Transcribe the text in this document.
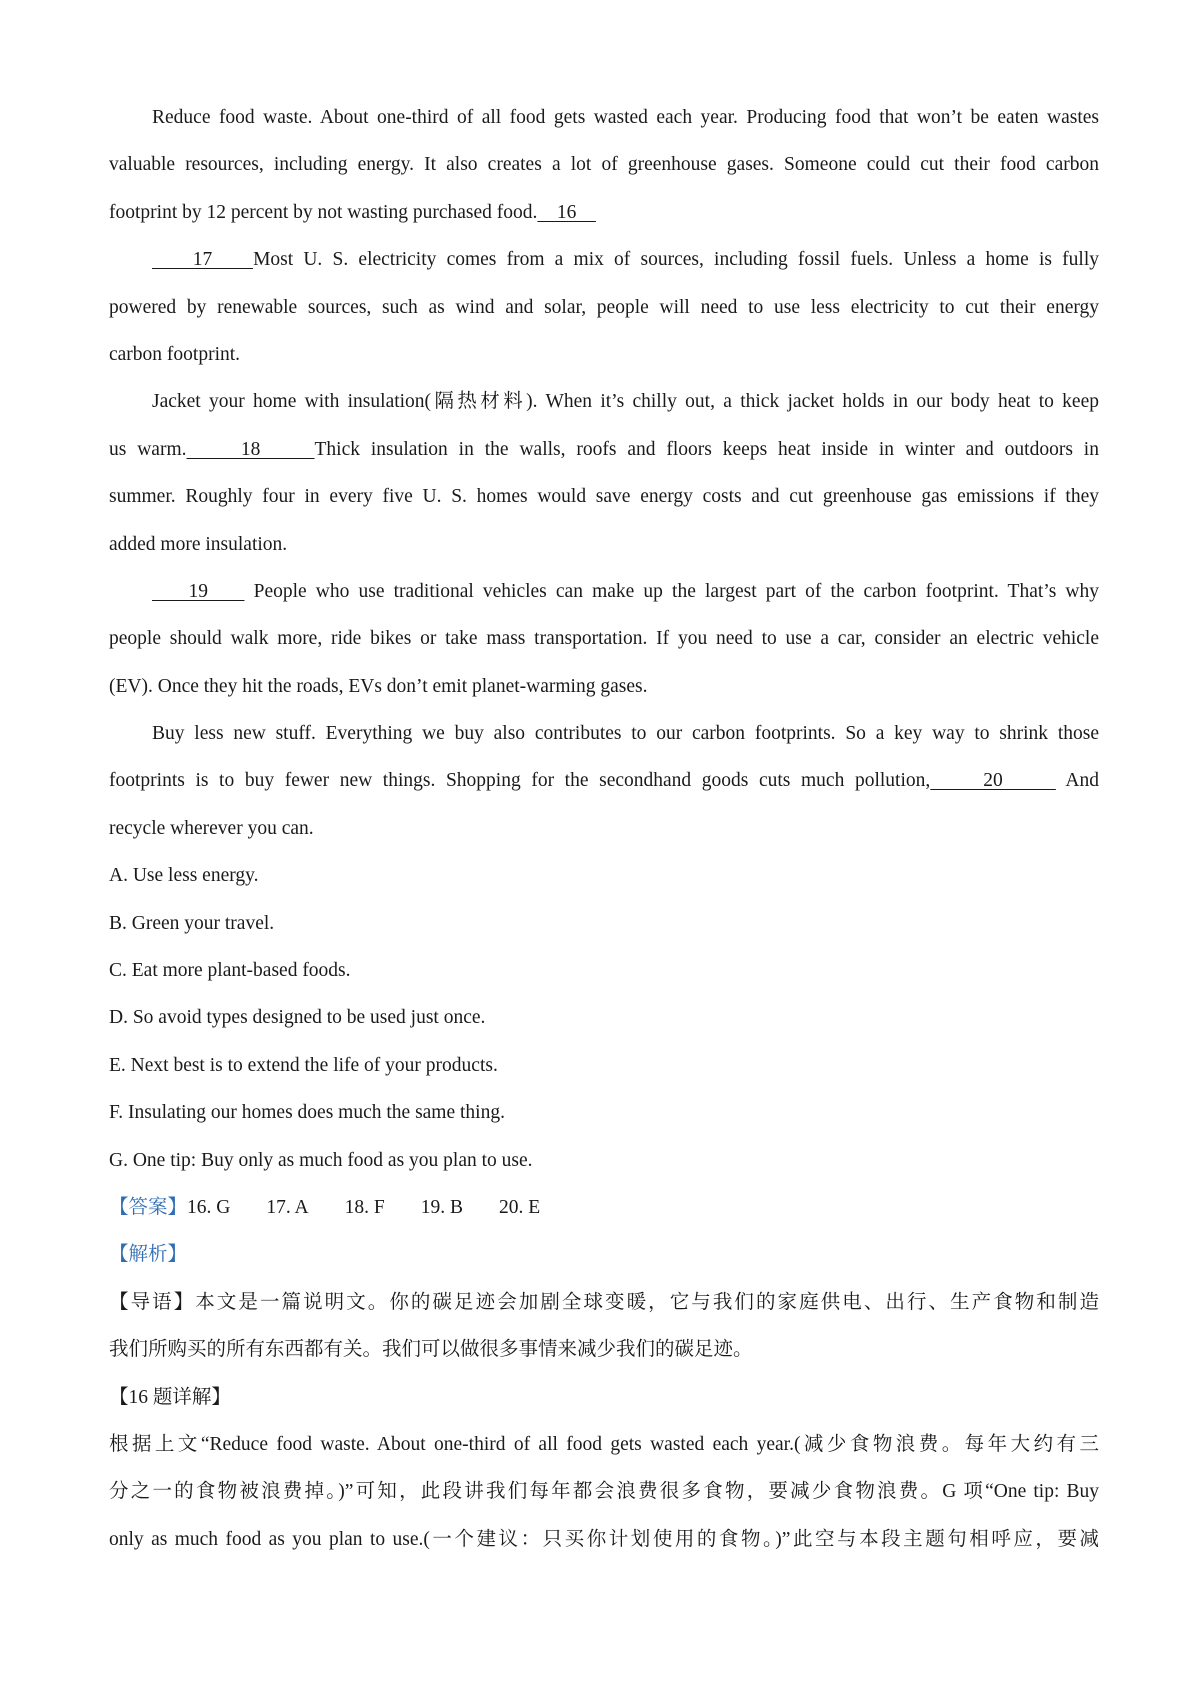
Reduce food waste. About one-third of all food gets wasted each year. Producing food that won’t be eaten wastes
valuable resources, including energy. It also creates a lot of greenhouse gases. Someone could cut their food carbon
footprint by 12 percent by not wasting purchased food.    16
17    Most U. S. electricity comes from a mix of sources, including fossil fuels. Unless a home is fully
powered by renewable sources, such as wind and solar, people will need to use less electricity to cut their energy
carbon footprint.
Jacket your home with insulation(隔热材料). When it’s chilly out, a thick jacket holds in our body heat to keep
us warm.     18     Thick insulation in the walls, roofs and floors keeps heat inside in winter and outdoors in
summer. Roughly four in every five U. S. homes would save energy costs and cut greenhouse gas emissions if they
added more insulation.
19     People who use traditional vehicles can make up the largest part of the carbon footprint. That’s why
people should walk more, ride bikes or take mass transportation. If you need to use a car, consider an electric vehicle
(EV). Once they hit the roads, EVs don’t emit planet-warming gases.
Buy less new stuff. Everything we buy also contributes to our carbon footprints. So a key way to shrink those
footprints is to buy fewer new things. Shopping for the secondhand goods cuts much pollution,     20      And
recycle wherever you can.
A. Use less energy.
B. Green your travel.
C. Eat more plant-based foods.
D. So avoid types designed to be used just once.
E. Next best is to extend the life of your products.
F. Insulating our homes does much the same thing.
G. One tip: Buy only as much food as you plan to use.
【答案】16. G 17. A 18. F 19. B 20. E
【解析】
【导语】本文是一篇说明文。你的碳足迹会加剧全球变暖，它与我们的家庭供电、出行、生产食物和制造
我们所购买的所有东西都有关。我们可以做很多事情来减少我们的碳足迹。
【16 题详解】
根据上文“Reduce food waste. About one-third of all food gets wasted each year.(减少食物浪费。每年大约有三
分之一的食物被浪费掉。)”可知，此段讲我们每年都会浪费很多食物，要减少食物浪费。G 项“One tip: Buy
only as much food as you plan to use.(一个建议：只买你计划使用的食物。)”此空与本段主题句相呼应，要减
